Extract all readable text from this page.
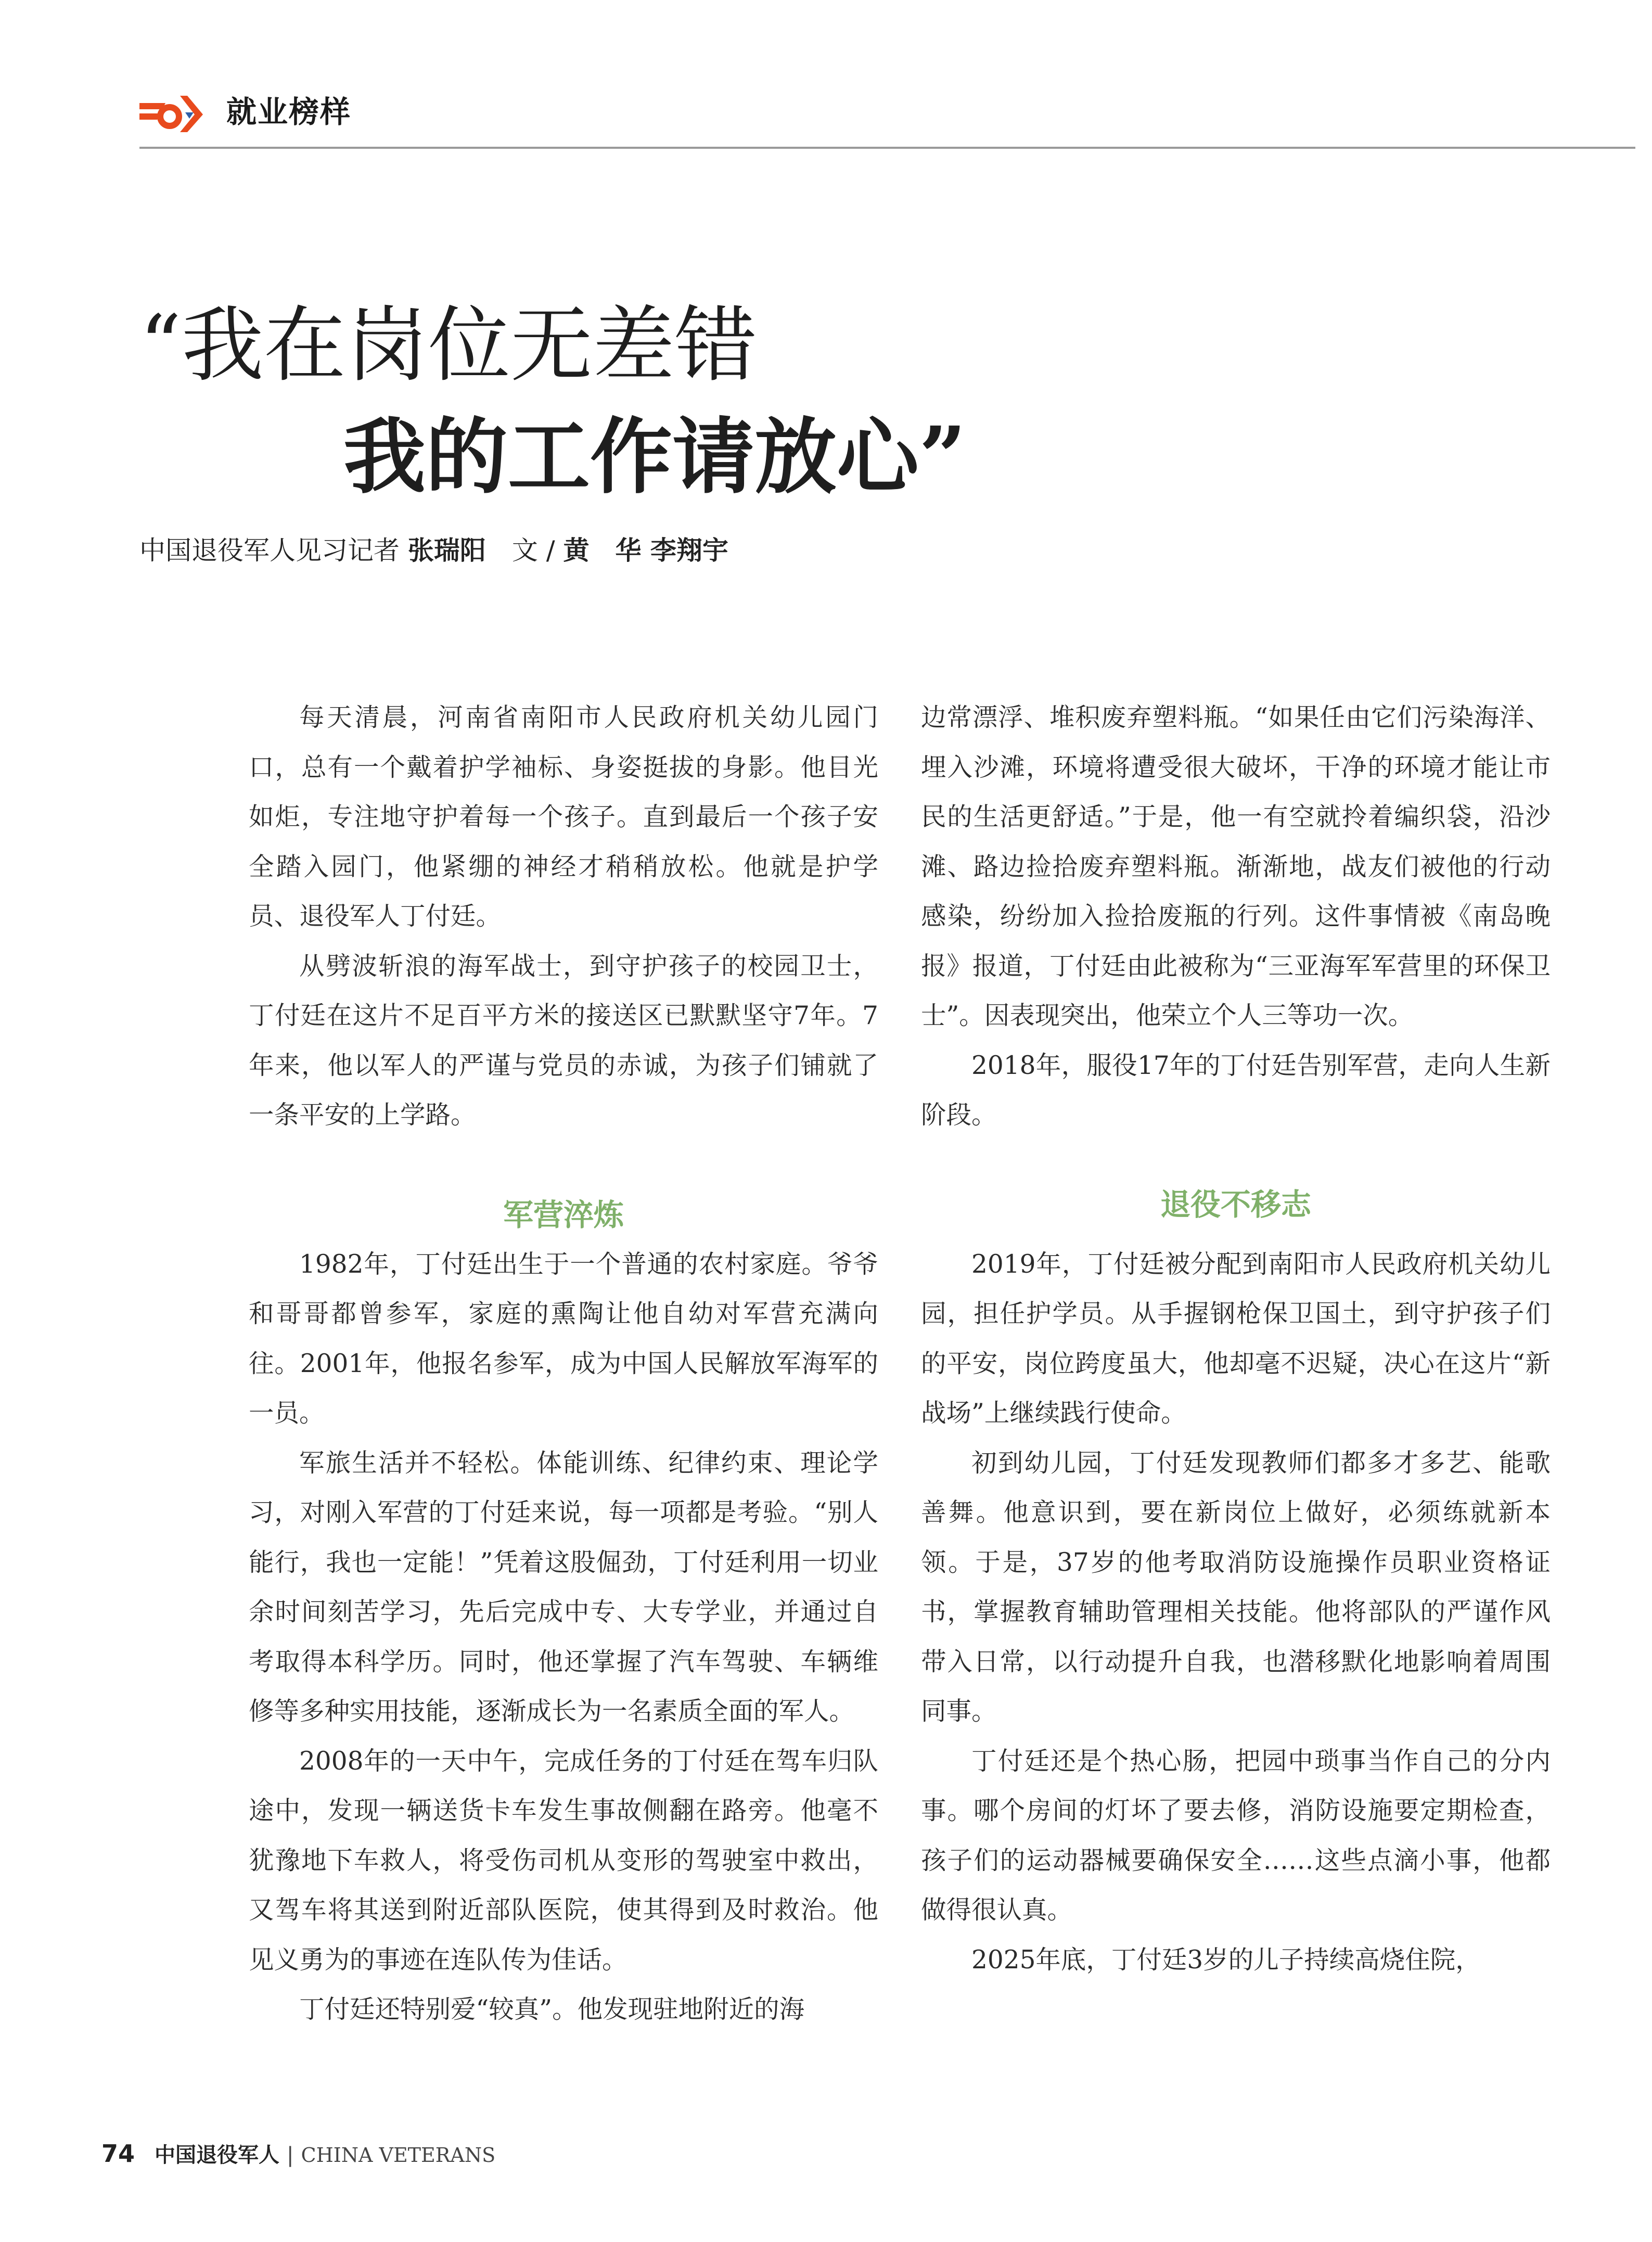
就业榜样
“我在岗位无差错
我的工作请放心”
中国退役军人见习记者 张瑞阳　文 / 黄　华 李翔宇

每天清晨，河南省南阳市人民政府机关幼儿园门口，总有一个戴着护学袖标、身姿挺拔的身影。他目光如炬，专注地守护着每一个孩子。直到最后一个孩子安全踏入园门，他紧绷的神经才稍稍放松。他就是护学员、退役军人丁付廷。

从劈波斩浪的海军战士，到守护孩子的校园卫士，丁付廷在这片不足百平方米的接送区已默默坚守7年。7年来，他以军人的严谨与党员的赤诚，为孩子们铺就了一条平安的上学路。

军营淬炼

1982年，丁付廷出生于一个普通的农村家庭。爷爷和哥哥都曾参军，家庭的熏陶让他自幼对军营充满向往。2001年，他报名参军，成为中国人民解放军海军的一员。

军旅生活并不轻松。体能训练、纪律约束、理论学习，对刚入军营的丁付廷来说，每一项都是考验。“别人能行，我也一定能！”凭着这股倔劲，丁付廷利用一切业余时间刻苦学习，先后完成中专、大专学业，并通过自考取得本科学历。同时，他还掌握了汽车驾驶、车辆维修等多种实用技能，逐渐成长为一名素质全面的军人。

2008年的一天中午，完成任务的丁付廷在驾车归队途中，发现一辆送货卡车发生事故侧翻在路旁。他毫不犹豫地下车救人，将受伤司机从变形的驾驶室中救出，又驾车将其送到附近部队医院，使其得到及时救治。他见义勇为的事迹在连队传为佳话。

丁付廷还特别爱“较真”。他发现驻地附近的海

边常漂浮、堆积废弃塑料瓶。“如果任由它们污染海洋、埋入沙滩，环境将遭受很大破坏，干净的环境才能让市民的生活更舒适。”于是，他一有空就拎着编织袋，沿沙滩、路边捡拾废弃塑料瓶。渐渐地，战友们被他的行动感染，纷纷加入捡拾废瓶的行列。这件事情被《南岛晚报》报道，丁付廷由此被称为“三亚海军军营里的环保卫士”。因表现突出，他荣立个人三等功一次。

2018年，服役17年的丁付廷告别军营，走向人生新阶段。

退役不移志

2019年，丁付廷被分配到南阳市人民政府机关幼儿园，担任护学员。从手握钢枪保卫国土，到守护孩子们的平安，岗位跨度虽大，他却毫不迟疑，决心在这片“新战场”上继续践行使命。

初到幼儿园，丁付廷发现教师们都多才多艺、能歌善舞。他意识到，要在新岗位上做好，必须练就新本领。于是，37岁的他考取消防设施操作员职业资格证书，掌握教育辅助管理相关技能。他将部队的严谨作风带入日常，以行动提升自我，也潜移默化地影响着周围同事。

丁付廷还是个热心肠，把园中琐事当作自己的分内事。哪个房间的灯坏了要去修，消防设施要定期检查，孩子们的运动器械要确保安全……这些点滴小事，他都做得很认真。

2025年底，丁付廷3岁的儿子持续高烧住院，

74 中国退役军人 | CHINA VETERANS
